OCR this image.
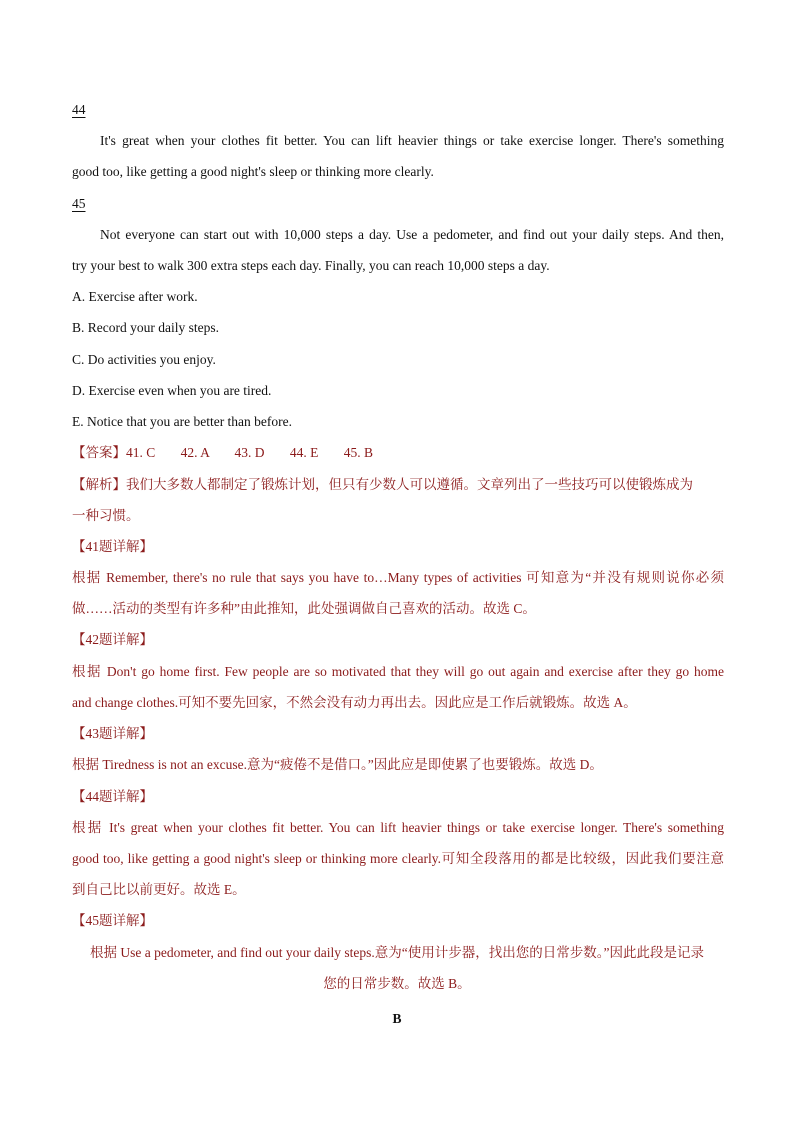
44
It's great when your clothes fit better. You can lift heavier things or take exercise longer. There's something
good too, like getting a good night's sleep or thinking more clearly.
45
Not everyone can start out with 10,000 steps a day. Use a pedometer, and find out your daily steps. And then,
try your best to walk 300 extra steps each day. Finally, you can reach 10,000 steps a day.
A. Exercise after work.
B. Record your daily steps.
C. Do activities you enjoy.
D. Exercise even when you are tired.
E. Notice that you are better than before.
【答案】41. C 42. A 43. D 44. E 45. B
【解析】我们大多数人都制定了锻炼计划，但只有少数人可以遵循。文章列出了一些技巧可以使锻炼成为
一种习惯。
【41题详解】
根据 Remember, there's no rule that says you have to…Many types of activities 可知意为“并没有规则说你必须
做……活动的类型有许多种”由此推知，此处强调做自己喜欢的活动。故选 C。
【42题详解】
根据 Don't go home first. Few people are so motivated that they will go out again and exercise after they go home
and change clothes.可知不要先回家，不然会没有动力再出去。因此应是工作后就锻炼。故选 A。
【43题详解】
根据 Tiredness is not an excuse.意为“疲倦不是借口。”因此应是即使累了也要锻炼。故选 D。
【44题详解】
根据 It's great when your clothes fit better. You can lift heavier things or take exercise longer. There's something
good too, like getting a good night's sleep or thinking more clearly.可知全段落用的都是比较级，因此我们要注意
到自己比以前更好。故选 E。
【45题详解】
根据 Use a pedometer, and find out your daily steps.意为“使用计步器，找出您的日常步数。”因此此段是记录
您的日常步数。故选 B。
B
